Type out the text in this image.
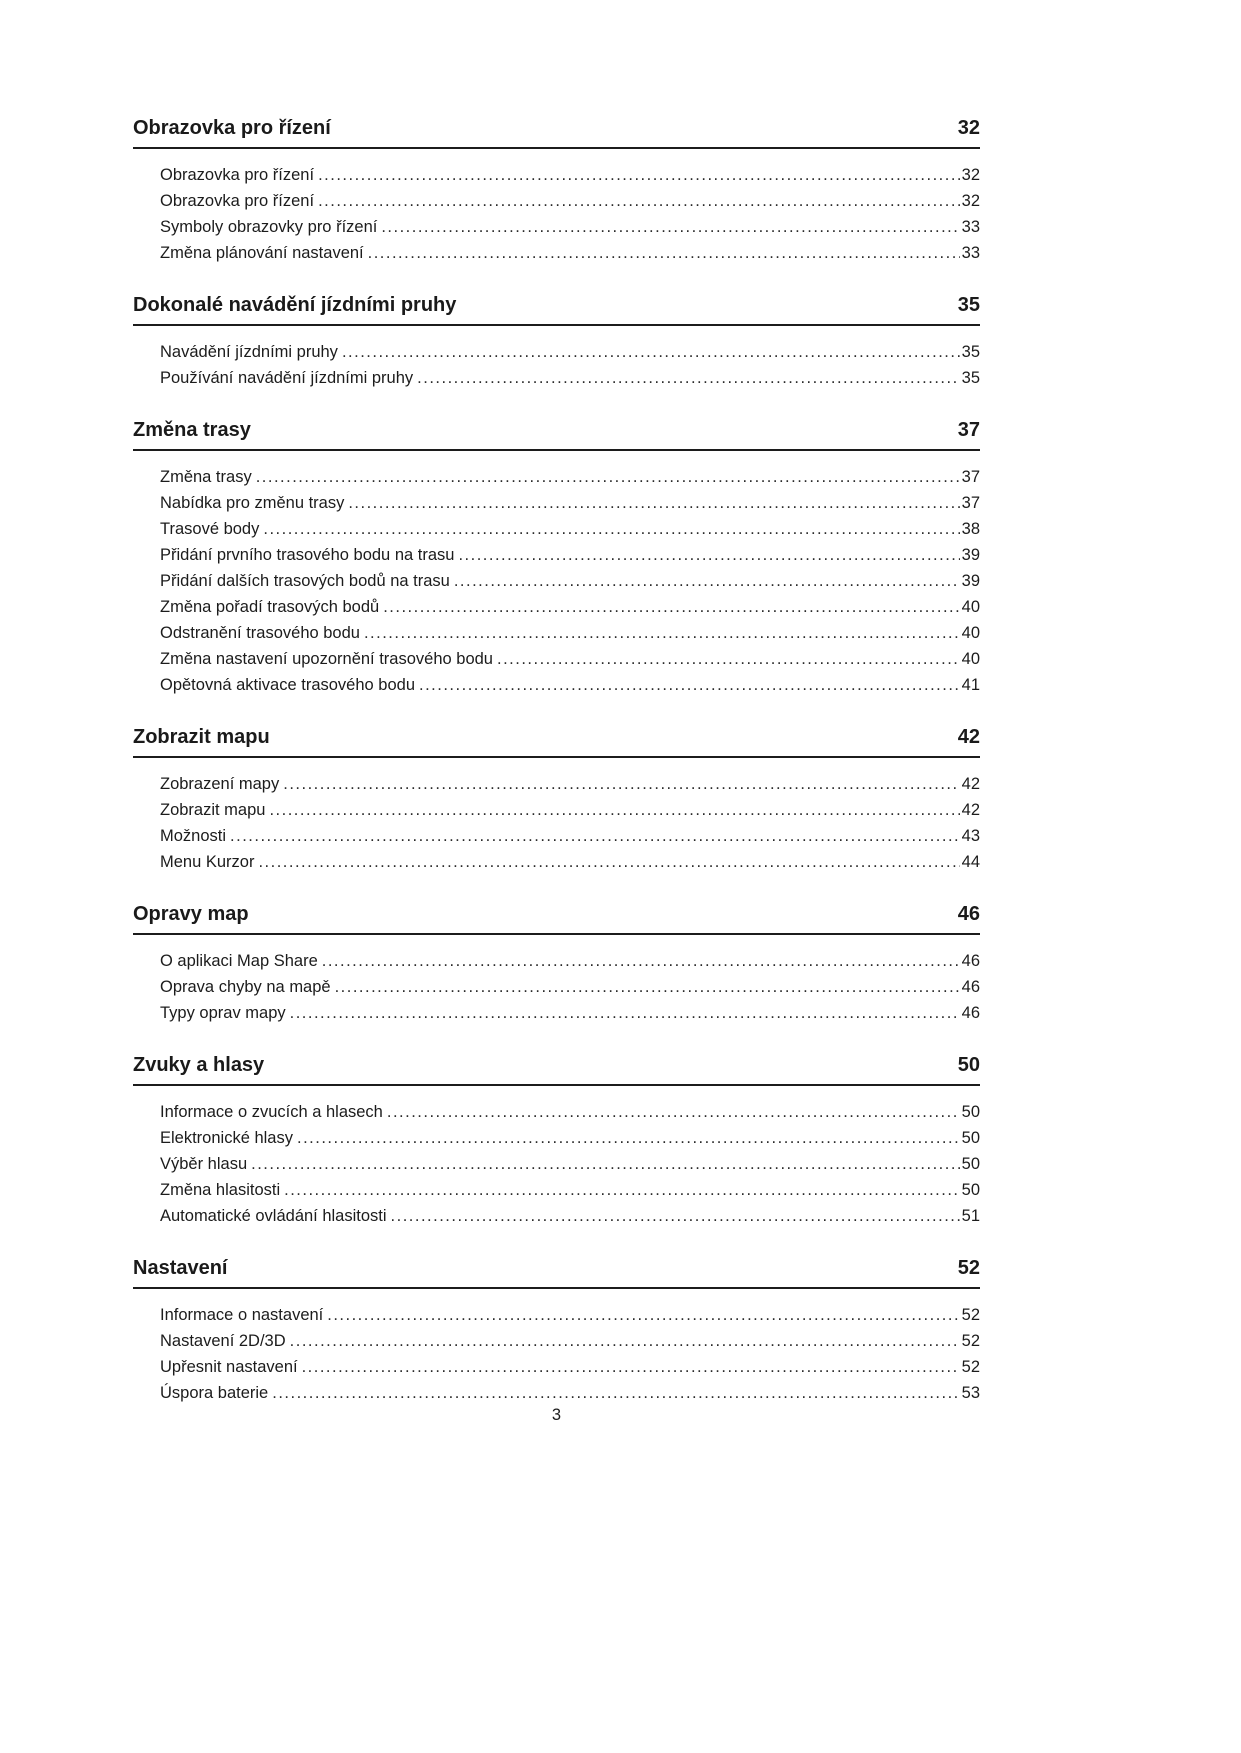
Obrazovka pro řízení	32
Obrazovka pro řízení .....	32
Obrazovka pro řízení .....	32
Symboly obrazovky pro řízení .....	33
Změna plánování nastavení .....	33
Dokonalé navádění jízdními pruhy	35
Navádění jízdními pruhy .....	35
Používání navádění jízdními pruhy .....	35
Změna trasy	37
Změna trasy .....	37
Nabídka pro změnu trasy .....	37
Trasové body .....	38
Přidání prvního trasového bodu na trasu .....	39
Přidání dalších trasových bodů na trasu .....	39
Změna pořadí trasových bodů .....	40
Odstranění trasového bodu .....	40
Změna nastavení upozornění trasového bodu .....	40
Opětovná aktivace trasového bodu .....	41
Zobrazit mapu	42
Zobrazení mapy .....	42
Zobrazit mapu .....	42
Možnosti .....	43
Menu Kurzor .....	44
Opravy map	46
O aplikaci Map Share .....	46
Oprava chyby na mapě .....	46
Typy oprav mapy .....	46
Zvuky a hlasy	50
Informace o zvucích a hlasech .....	50
Elektronické hlasy .....	50
Výběr hlasu .....	50
Změna hlasitosti .....	50
Automatické ovládání hlasitosti .....	51
Nastavení	52
Informace o nastavení .....	52
Nastavení 2D/3D .....	52
Upřesnit nastavení .....	52
Úspora baterie .....	53
3
